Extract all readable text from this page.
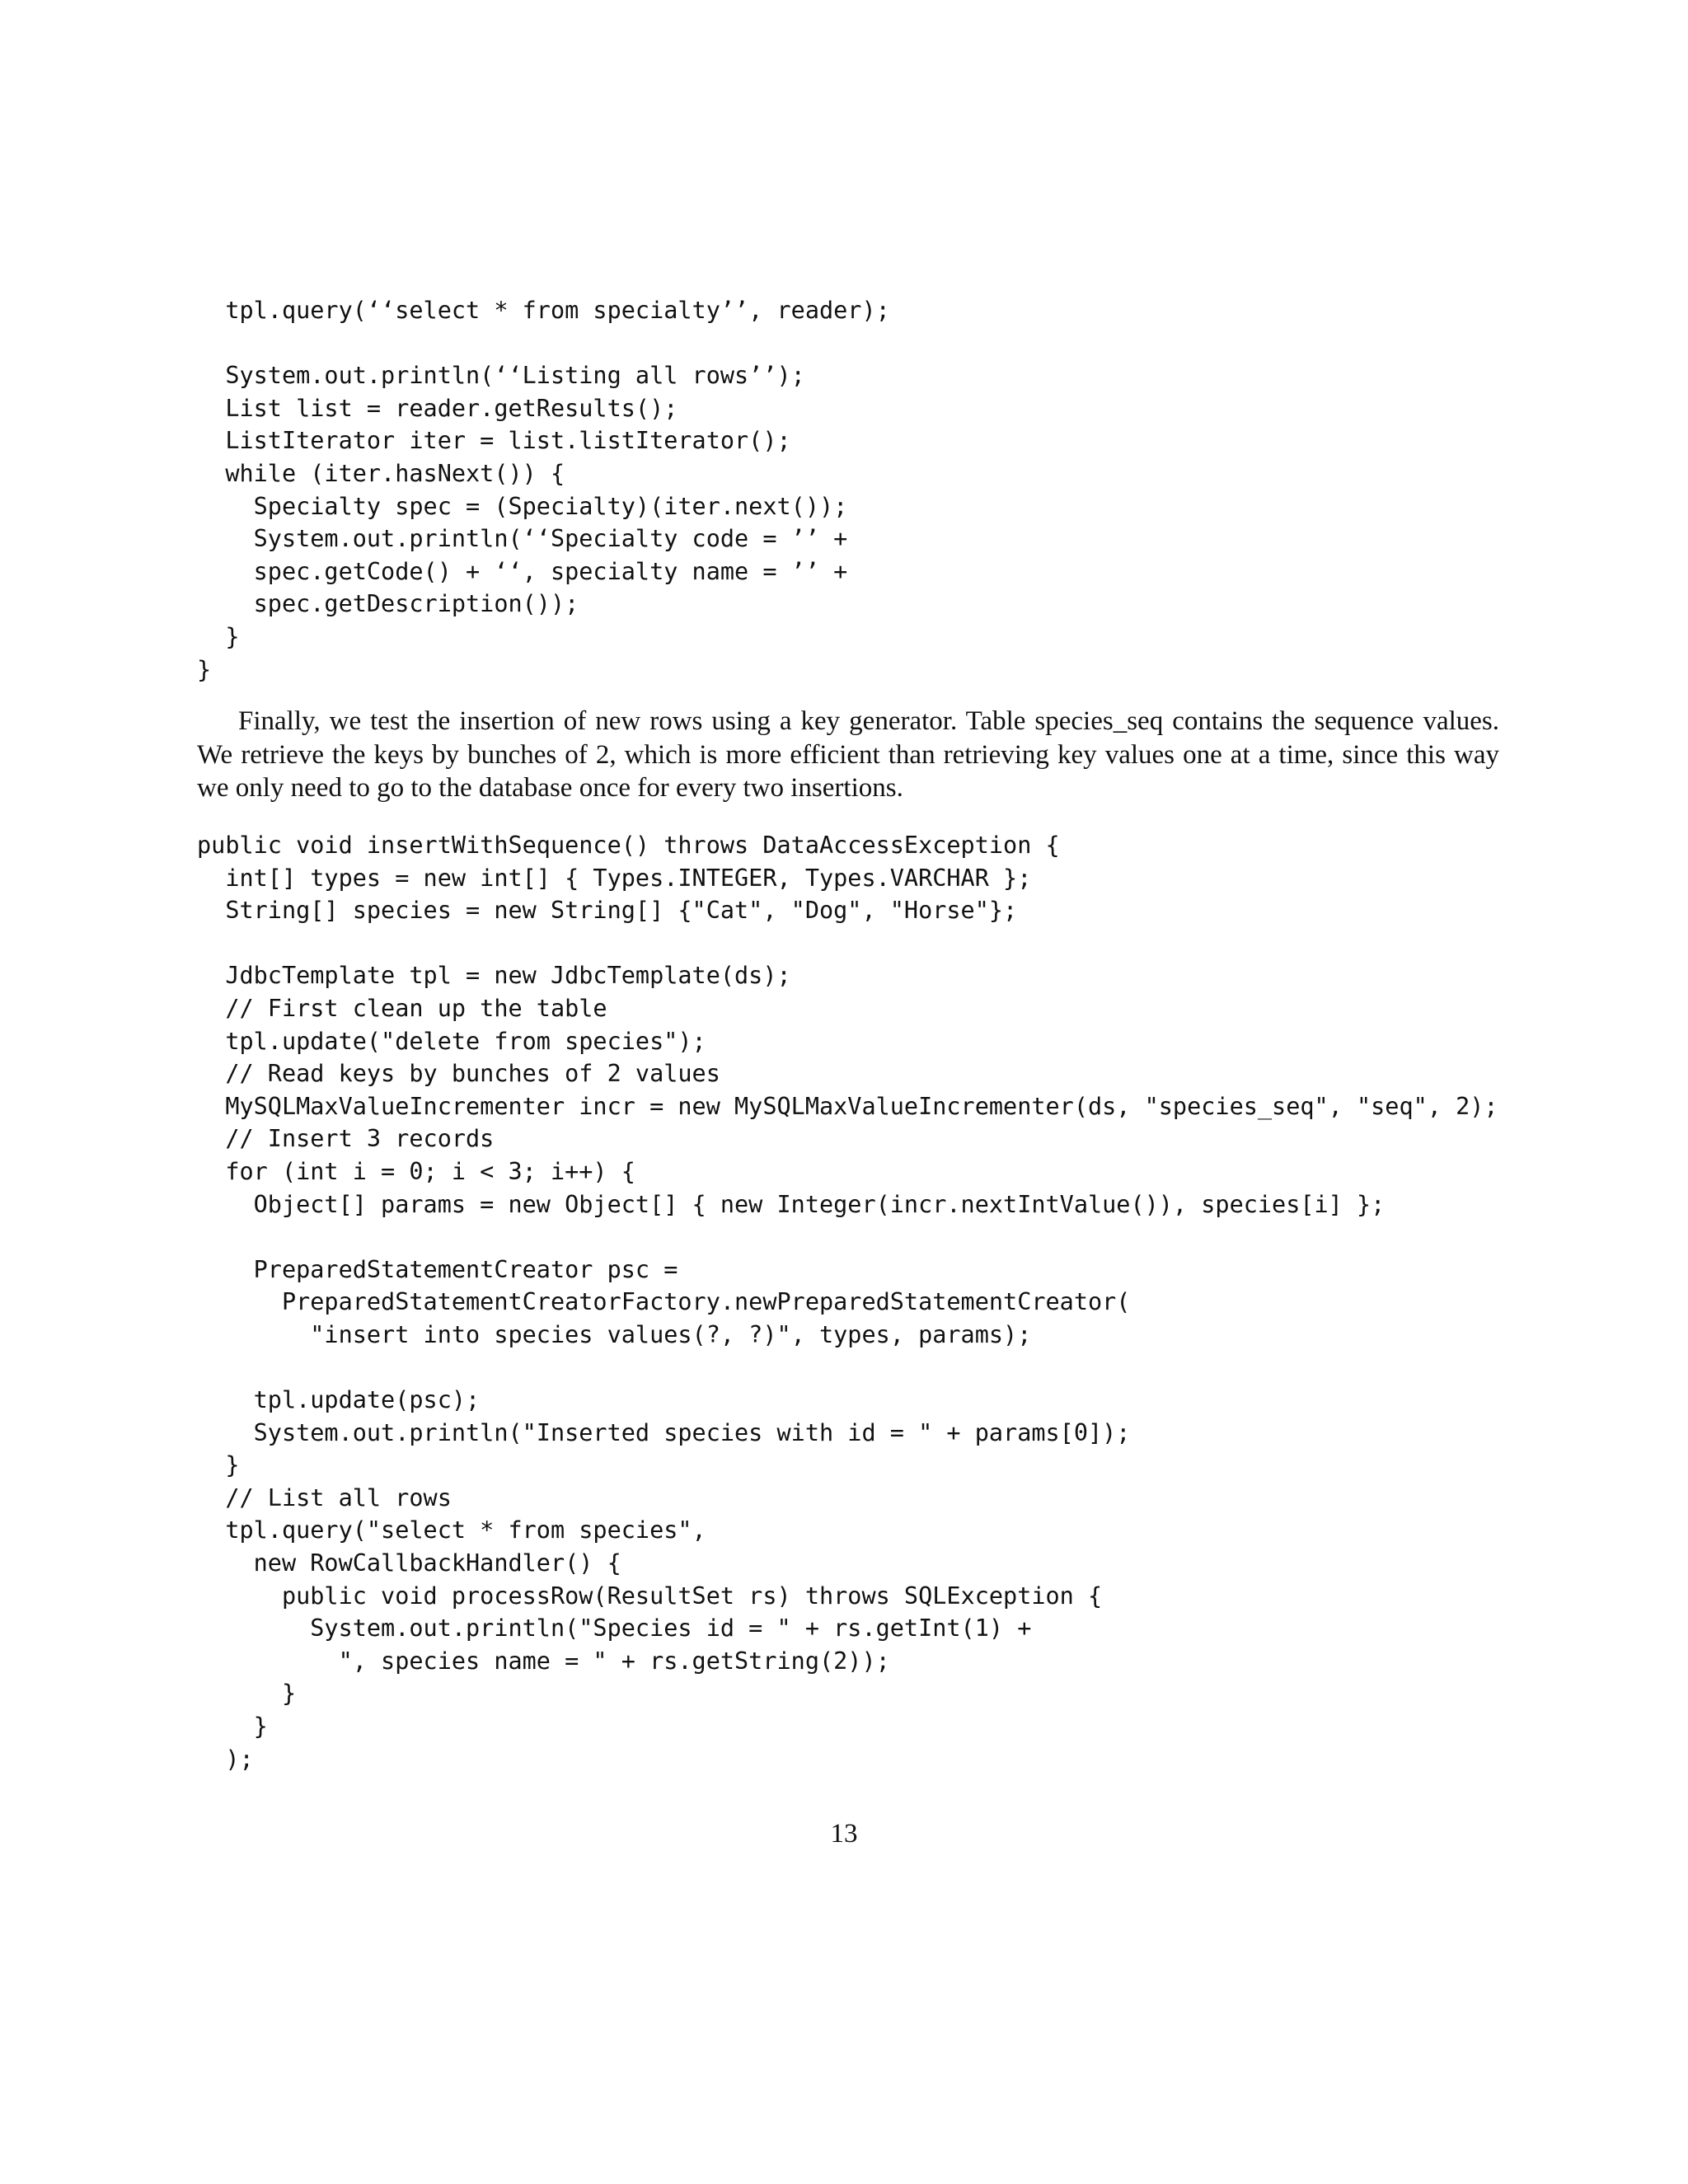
tpl.query(‘‘select * from specialty’’, reader);
System.out.println(‘‘Listing all rows’’);
List list = reader.getResults();
ListIterator iter = list.listIterator();
while (iter.hasNext()) {
Specialty spec = (Specialty)(iter.next());
System.out.println(‘‘Specialty code = ’’ +
spec.getCode() + ‘‘, specialty name = ’’ +
spec.getDescription());
}
}

Finally, we test the insertion of new rows using a key generator. Table species_seq contains the sequence values. We retrieve the keys by bunches of 2, which is more efficient than retrieving key values one at a time, since this way we only need to go to the database once for every two insertions.

public void insertWithSequence() throws DataAccessException {
int[] types = new int[] { Types.INTEGER, Types.VARCHAR };
String[] species = new String[] {"Cat", "Dog", "Horse"};
JdbcTemplate tpl = new JdbcTemplate(ds);
// First clean up the table
tpl.update("delete from species");
// Read keys by bunches of 2 values
MySQLMaxValueIncrementer incr = new MySQLMaxValueIncrementer(ds, "species_seq", "seq", 2);
// Insert 3 records
for (int i = 0; i < 3; i++) {
Object[] params = new Object[] { new Integer(incr.nextIntValue()), species[i] };
PreparedStatementCreator psc =
PreparedStatementCreatorFactory.newPreparedStatementCreator(
"insert into species values(?, ?)", types, params);
tpl.update(psc);
System.out.println("Inserted species with id = " + params[0]);
}
// List all rows
tpl.query("select * from species",
new RowCallbackHandler() {
public void processRow(ResultSet rs) throws SQLException {
System.out.println("Species id = " + rs.getInt(1) +
", species name = " + rs.getString(2));
}
}
);
13
